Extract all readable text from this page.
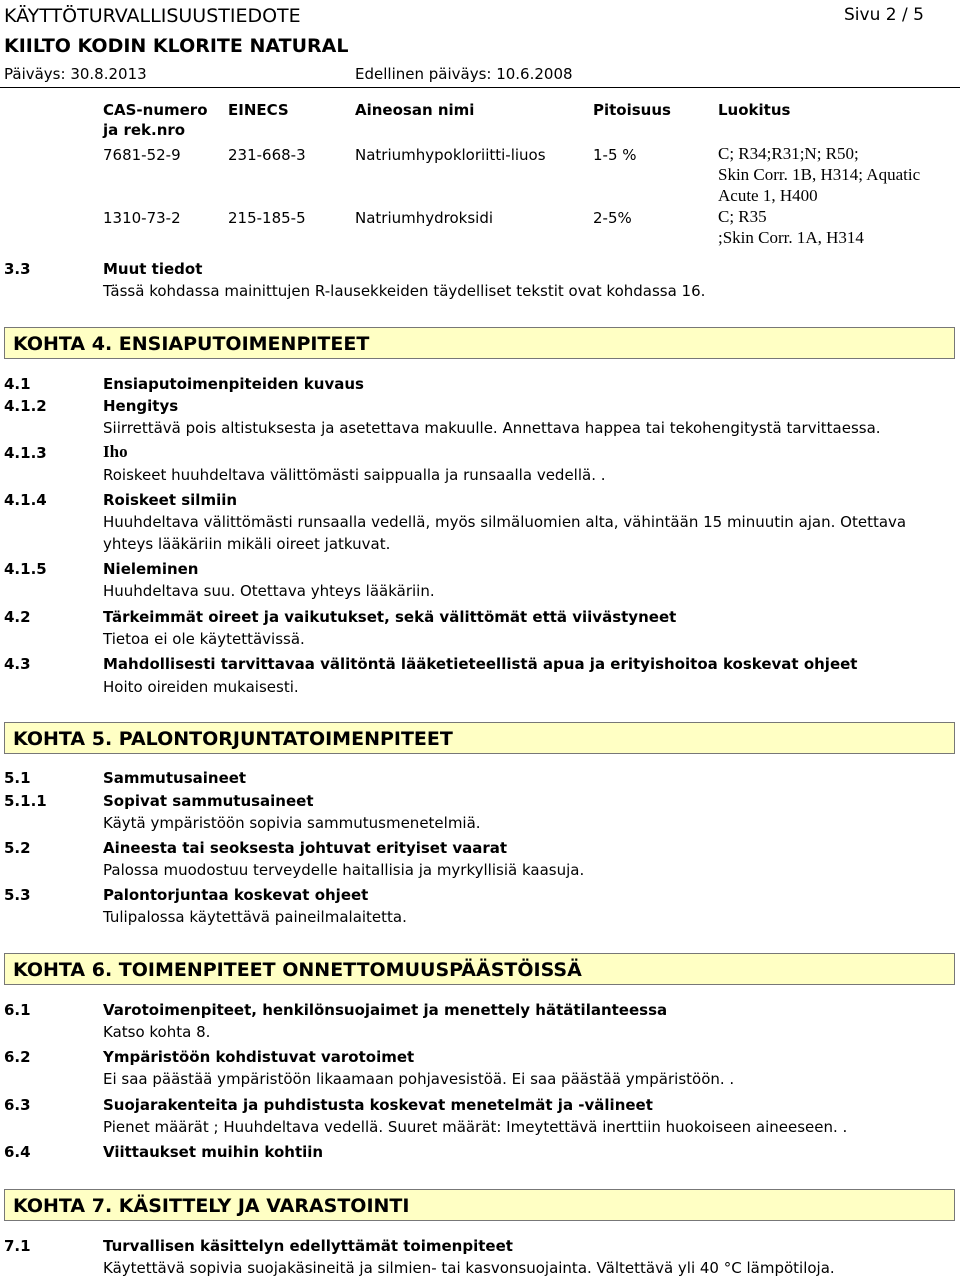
KÄYTTÖTURVALLISUUSTIEDOTE	Sivu 2 / 5
KIILTO KODIN KLORITE NATURAL
Päiväys: 30.8.2013	Edellinen päiväys: 10.6.2008
CAS-numero
ja rek.nro
EINECS	Aineosan nimi	Pitoisuus	Luokitus
7681-52-9	231-668-3	Natriumhypokloriitti-liuos	1-5 %	C; R34;R31;N; R50;
Skin Corr. 1B, H314; Aquatic
Acute 1, H400
1310-73-2	215-185-5	Natriumhydroksidi	2-5%	C; R35
;Skin Corr. 1A, H314
3.3	Muut tiedot
Tässä kohdassa mainittujen R-lausekkeiden täydelliset tekstit ovat kohdassa 16.
KOHTA 4. ENSIAPUTOIMENPITEET
4.1	Ensiaputoimenpiteiden kuvaus
4.1.2	Hengitys
Siirrettävä pois altistuksesta ja asetettava makuulle. Annettava happea tai tekohengitystä tarvittaessa.
4.1.3	Iho
Roiskeet huuhdeltava välittömästi saippualla ja runsaalla vedellä. .
4.1.4	Roiskeet silmiin
Huuhdeltava välittömästi runsaalla vedellä, myös silmäluomien alta, vähintään 15 minuutin ajan. Otettava
yhteys lääkäriin mikäli oireet jatkuvat.
4.1.5	Nieleminen
Huuhdeltava suu. Otettava yhteys lääkäriin.
4.2	Tärkeimmät oireet ja vaikutukset, sekä välittömät että viivästyneet
Tietoa ei ole käytettävissä.
4.3	Mahdollisesti tarvittavaa välitöntä lääketieteellistä apua ja erityishoitoa koskevat ohjeet
Hoito oireiden mukaisesti.
KOHTA 5. PALONTORJUNTATOIMENPITEET
5.1	Sammutusaineet
5.1.1	Sopivat sammutusaineet
Käytä ympäristöön sopivia sammutusmenetelmiä.
5.2	Aineesta tai seoksesta johtuvat erityiset vaarat
Palossa muodostuu terveydelle haitallisia ja myrkyllisiä kaasuja.
5.3	Palontorjuntaa koskevat ohjeet
Tulipalossa käytettävä paineilmalaitetta.
KOHTA 6. TOIMENPITEET ONNETTOMUUSPÄÄSTÖISSÄ
6.1	Varotoimenpiteet, henkilönsuojaimet ja menettely hätätilanteessa
Katso kohta 8.
6.2	Ympäristöön kohdistuvat varotoimet
Ei saa päästää ympäristöön likaamaan pohjavesistöä. Ei saa päästää ympäristöön. .
6.3	Suojarakenteita ja puhdistusta koskevat menetelmät ja -välineet
Pienet määrät ; Huuhdeltava vedellä. Suuret määrät: Imeytettävä inerttiin huokoiseen aineeseen. .
6.4	Viittaukset muihin kohtiin
KOHTA 7. KÄSITTELY JA VARASTOINTI
7.1	Turvallisen käsittelyn edellyttämät toimenpiteet
Käytettävä sopivia suojakäsineitä ja silmien- tai kasvonsuojainta. Vältettävä yli 40 °C lämpötiloja.
